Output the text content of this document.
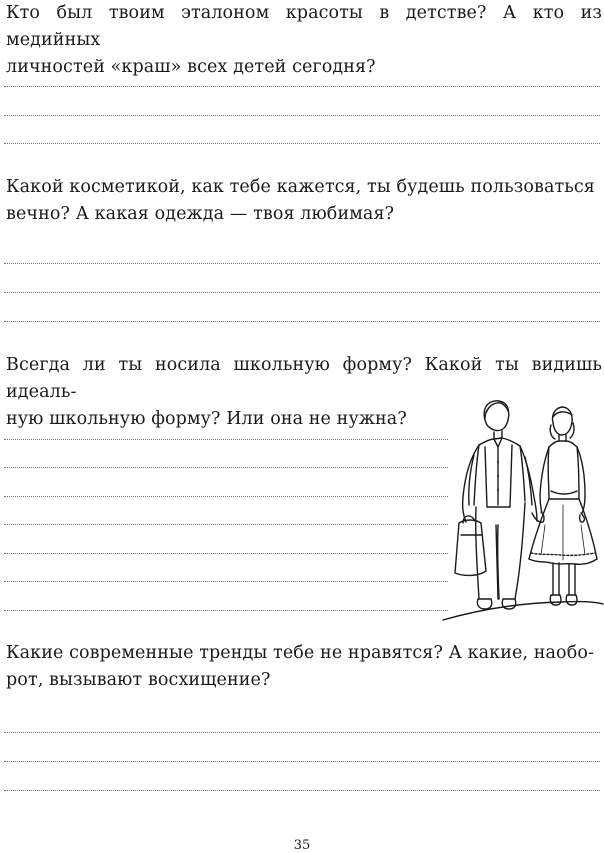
Кто был твоим эталоном красоты в детстве? А кто из медийных
личностей «краш» всех детей сегодня?
Какой косметикой, как тебе кажется, ты будешь пользоваться
вечно? А какая одежда — твоя любимая?
Всегда ли ты носила школьную форму? Какой ты видишь идеаль-
ную школьную форму? Или она не нужна?
Какие современные тренды тебе не нравятся? А какие, наобо-
рот, вызывают восхищение?
35
